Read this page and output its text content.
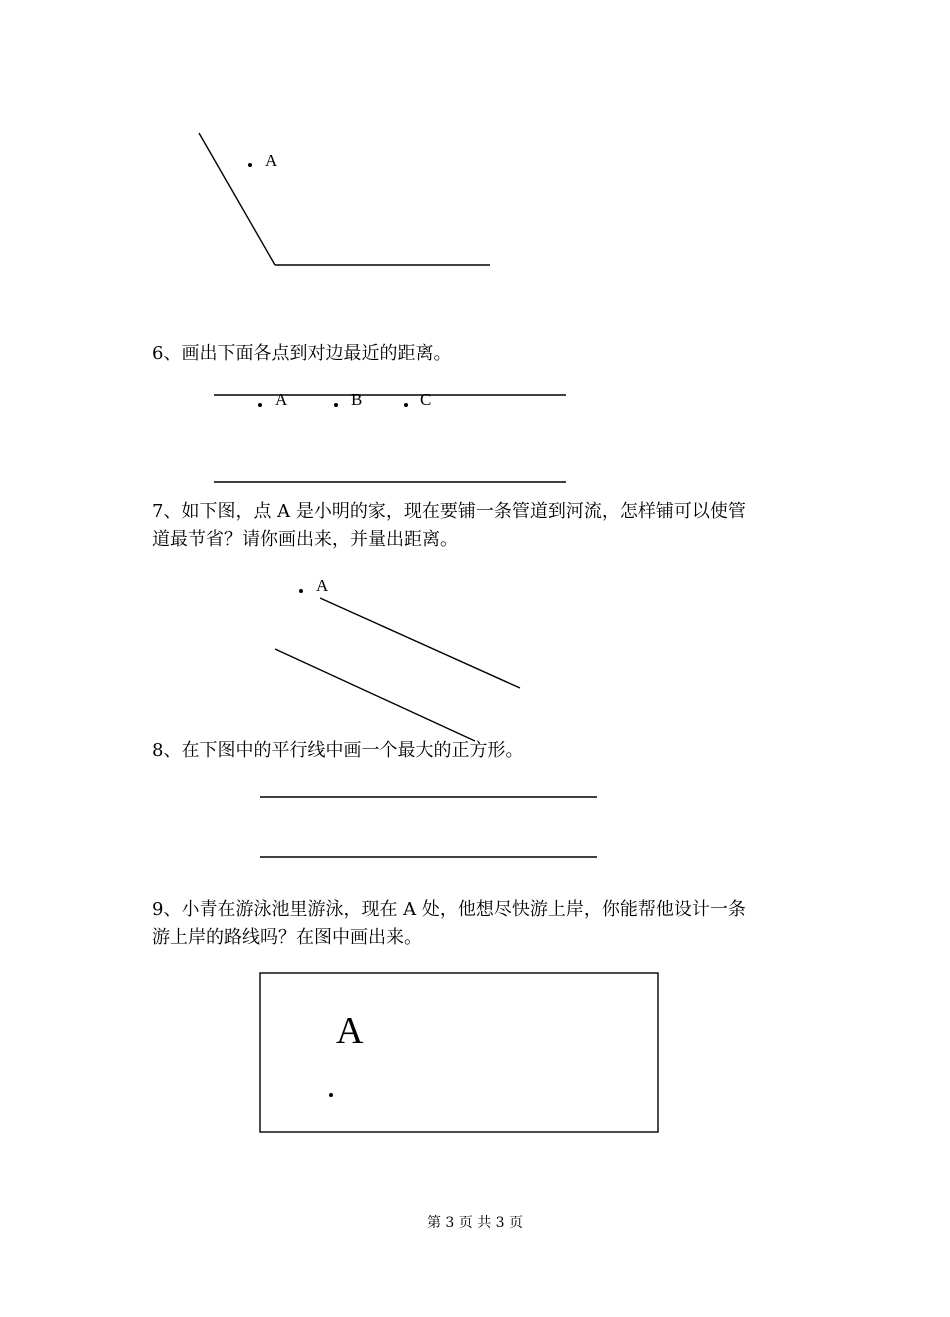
A
6、画出下面各点到对边最近的距离。
A	B	C
7、如下图，点 A 是小明的家，现在要铺一条管道到河流，怎样铺可以使管
道最节省？请你画出来，并量出距离。
A
8、在下图中的平行线中画一个最大的正方形。
9、小青在游泳池里游泳，现在 A 处，他想尽快游上岸，你能帮他设计一条
游上岸的路线吗？在图中画出来。
A
第 3 页 共 3 页
